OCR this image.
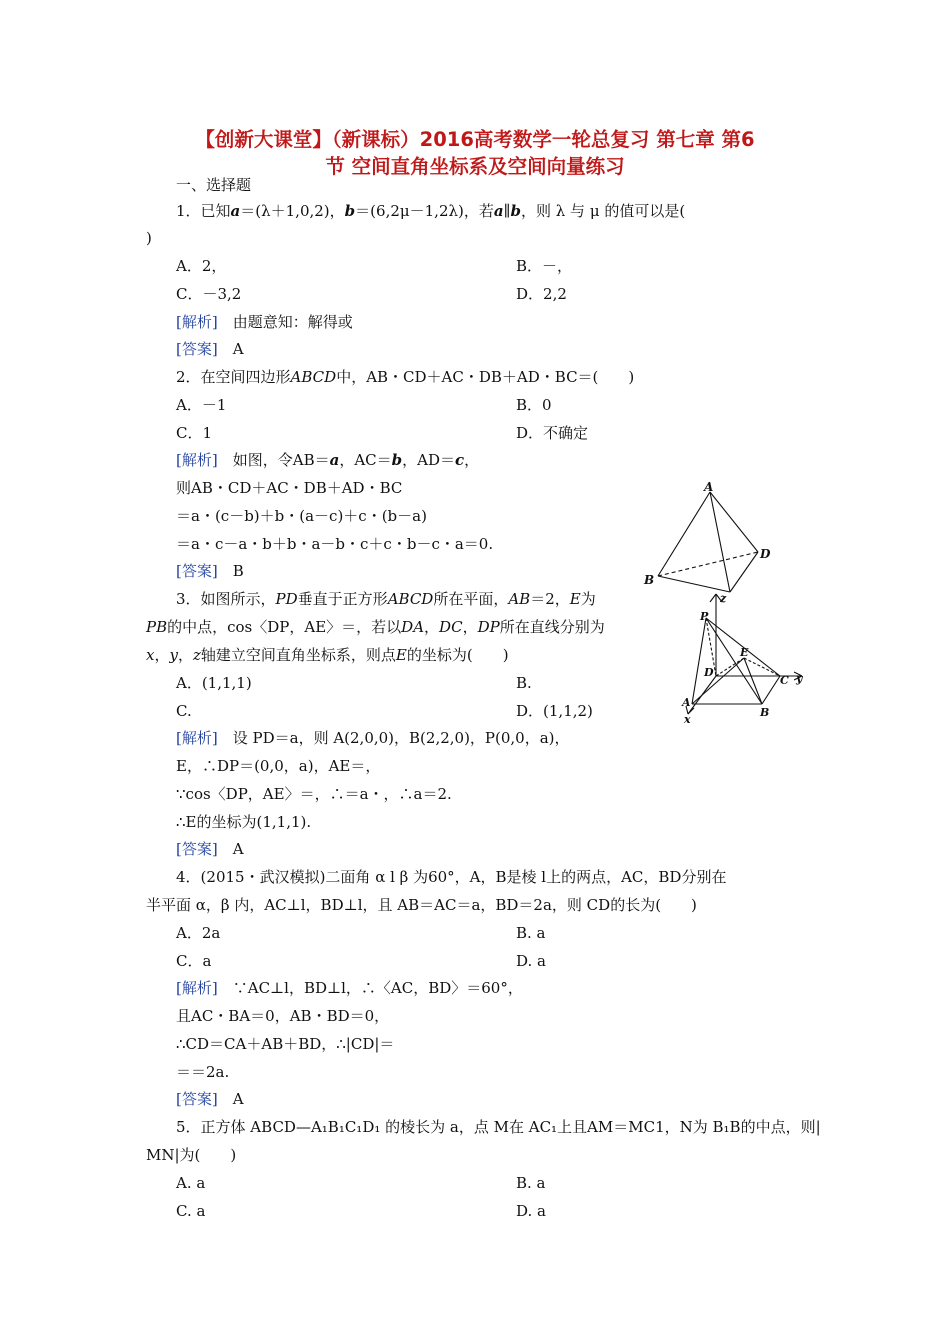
【创新大课堂】（新课标）2016高考数学一轮总复习 第七章 第6
节 空间直角坐标系及空间向量练习
一、选择题
1．已知a＝(λ＋1,0,2)，b＝(6,2μ－1,2λ)，若a∥b，则 λ 与 μ 的值可以是(
)
A．2，	B．－，
C．－3,2	D．2,2
[解析]　 由题意知：解得或
[答案]　 A
2．在空间四边形ABCD中，AB・CD＋AC・DB＋AD・BC＝(　　)
A．－1	B．0
C．1	D．不确定
[解析]　 如图，令AB＝a，AC＝b，AD＝c，
则AB・CD＋AC・DB＋AD・BC
＝a・(c－b)＋b・(a－c)＋c・(b－a)
＝a・c－a・b＋b・a－b・c＋c・b－c・a＝0.
[答案]　 B
A
B
D
3．如图所示，PD垂直于正方形ABCD所在平面，AB＝2，E为
PB的中点，cos〈DP，AE〉＝，若以DA，DC，DP所在直线分别为
x，y，z轴建立空间直角坐标系，则点E的坐标为(　　)
A．(1,1,1)	B.
C.	D．(1,1,2)
[解析]　 设 PD＝a，则 A(2,0,0)，B(2,2,0)，P(0,0，a)，
E，∴DP＝(0,0，a)，AE＝，
∵cos〈DP，AE〉＝，∴＝a・，∴a＝2.
∴E的坐标为(1,1,1).
[答案]　 A
P
z
E
D
C y
A
x
B
4．(2015・武汉模拟)二面角 α l β 为60°，A，B是棱 l上的两点，AC，BD分别在
半平面 α，β 内，AC⊥l，BD⊥l，且 AB＝AC＝a，BD＝2a，则 CD的长为(　　)
A．2a	B. a
C．a	D. a
[解析]　 ∵AC⊥l，BD⊥l，∴〈AC，BD〉＝60°，
且AC・BA＝0，AB・BD＝0，
∴CD＝CA＋AB＋BD，∴|CD|＝
＝＝2a.
[答案]　 A
5．正方体 ABCD—A₁B₁C₁D₁ 的棱长为 a，点 M在 AC₁上且AM＝MC1，N为 B₁B的中点，则|
MN|为(　　)
A. a	B. a
C. a	D. a
